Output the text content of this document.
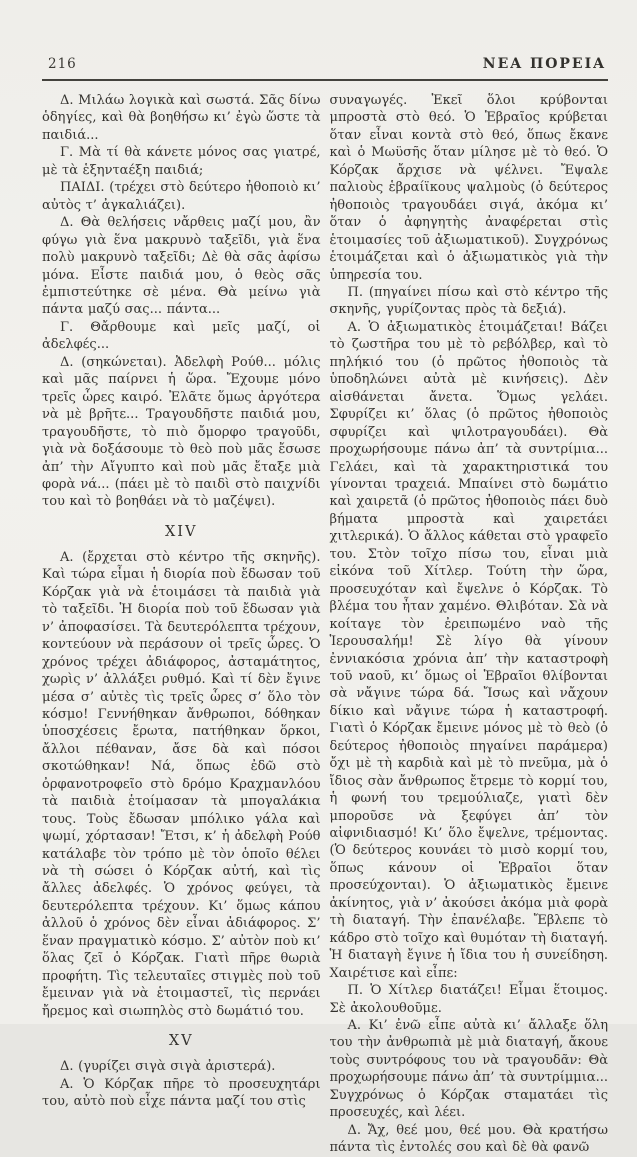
216	ΝΕΑ ΠΟΡΕΙΑ

Δ. Μιλάω λογικὰ καὶ σωστά. Σᾶς δίνω ὁδηγίες, καὶ θὰ βοηθήσω κι’ ἐγὼ ὥστε τὰ παιδιά...

Γ. Μὰ τί θὰ κάνετε μόνος σας γιατρέ, μὲ τὰ ἑξηνταέξη παιδιά;

ΠΑΙΔΙ. (τρέχει στὸ δεύτερο ἠθοποιὸ κι’ αὐτὸς τ’ ἀγκαλιάζει).

Δ. Θὰ θελήσεις νἄρθεις μαζί μου, ἂν φύγω γιὰ ἕνα μακρυνὸ ταξεῖδι, γιὰ ἕνα πολὺ μακρυνὸ ταξεῖδι; Δὲ θὰ σᾶς ἀφίσω μόνα. Εἶστε παιδιά μου, ὁ θεὸς σᾶς ἐμπιστεύτηκε σὲ μένα. Θὰ μείνω γιὰ πάντα μαζύ σας... πάντα...

Γ. Θἄρθουμε καὶ μεῖς μαζί, οἱ ἀδελφές...

Δ. (σηκώνεται). Ἀδελφὴ Ρούθ... μόλις καὶ μᾶς παίρνει ἡ ὥρα. Ἔχουμε μόνο τρεῖς ὧρες καιρό. Ἐλᾶτε ὅμως ἀργότερα νὰ μὲ βρῆτε... Τραγουδῆστε παιδιά μου, τραγουδῆστε, τὸ πιὸ ὄμορφο τραγοῦδι, γιὰ νὰ δοξάσουμε τὸ θεὸ ποὺ μᾶς ἔσωσε ἀπ’ τὴν Αἴγυπτο καὶ ποὺ μᾶς ἔταξε μιὰ φορὰ νά... (πάει μὲ τὸ παιδὶ στὸ παιχνίδι του καὶ τὸ βοηθάει νὰ τὸ μαζέψει).

XIV

Α. (ἔρχεται στὸ κέντρο τῆς σκηνῆς). Καὶ τώρα εἶμαι ἡ διορία ποὺ ἔδωσαν τοῦ Κόρζακ γιὰ νὰ ἑτοιμάσει τὰ παιδιὰ γιὰ τὸ ταξεῖδι. Ἡ διορία ποὺ τοῦ ἔδωσαν γιὰ ν’ ἀποφασίσει. Τὰ δευτερόλεπτα τρέχουν, κοντεύουν νὰ περάσουν οἱ τρεῖς ὧρες. Ὁ χρόνος τρέχει ἀδιάφορος, ἀσταμάτητος, χωρὶς ν’ ἀλλάξει ρυθμό. Καὶ τί δὲν ἔγινε μέσα σ’ αὐτὲς τὶς τρεῖς ὧρες σ’ ὅλο τὸν κόσμο! Γεννήθηκαν ἄνθρωποι, δόθηκαν ὑποσχέσεις ἔρωτα, πατήθηκαν ὅρκοι, ἄλλοι πέθαναν, ἄσε δὰ καὶ πόσοι σκοτώθηκαν! Νά, ὅπως ἐδῶ στὸ ὀρφανοτροφεῖο στὸ δρόμο Κραχμανλόου τὰ παιδιὰ ἑτοίμασαν τὰ μπογαλάκια τους. Τοὺς ἔδωσαν μπόλικο γάλα καὶ ψωμί, χόρτασαν! Ἔτσι, κ’ ἡ ἀδελφὴ Ρούθ κατάλαβε τὸν τρόπο μὲ τὸν ὁποῖο θέλει νὰ τὴ σώσει ὁ Κόρζακ αὐτή, καὶ τὶς ἄλλες ἀδελφές. Ὁ χρόνος φεύγει, τὰ δευτερόλεπτα τρέχουν. Κι’ ὅμως κάπου ἀλλοῦ ὁ χρόνος δὲν εἶναι ἀδιάφορος. Σ’ ἕναν πραγματικὸ κόσμο. Σ’ αὐτὸν ποὺ κι’ ὅλας ζεῖ ὁ Κόρζακ. Γιατὶ πῆρε θωριὰ προφήτη. Τὶς τελευταῖες στιγμὲς ποὺ τοῦ ἔμειναν γιὰ νὰ ἑτοιμαστεῖ, τὶς περνάει ἤρεμος καὶ σιωπηλὸς στὸ δωμάτιό του.

XV

Δ. (γυρίζει σιγὰ σιγὰ ἀριστερά).

Α. Ὁ Κόρζακ πῆρε τὸ προσευχητάρι του, αὐτὸ ποὺ εἶχε πάντα μαζί του στὶς

συναγωγές. Ἐκεῖ ὅλοι κρύβονται μπροστὰ στὸ θεό. Ὁ Ἑβραῖος κρύβεται ὅταν εἶναι κοντὰ στὸ θεό, ὅπως ἔκανε καὶ ὁ Μωϋσῆς ὅταν μίλησε μὲ τὸ θεό. Ὁ Κόρζακ ἄρχισε νὰ ψέλνει. Ἔψαλε παλιοὺς ἑβραίϊκους ψαλμοὺς (ὁ δεύτερος ἠθοποιὸς τραγουδάει σιγά, ἀκόμα κι’ ὅταν ὁ ἀφηγητὴς ἀναφέρεται στὶς ἑτοιμασίες τοῦ ἀξιωματικοῦ). Συγχρόνως ἑτοιμάζεται καὶ ὁ ἀξιωματικὸς γιὰ τὴν ὑπηρεσία του.

Π. (πηγαίνει πίσω καὶ στὸ κέντρο τῆς σκηνῆς, γυρίζοντας πρὸς τὰ δεξιά).

Α. Ὁ ἀξιωματικὸς ἑτοιμάζεται! Βάζει τὸ ζωστῆρα του μὲ τὸ ρεβόλβερ, καὶ τὸ πηλήκιό του (ὁ πρῶτος ἠθοποιὸς τὰ ὑποδηλώνει αὐτὰ μὲ κινήσεις). Δὲν αἰσθάνεται ἄνετα. Ὅμως γελάει. Σφυρίζει κι’ ὅλας (ὁ πρῶτος ἠθοποιὸς σφυρίζει καὶ ψιλοτραγουδάει). Θὰ προχωρήσουμε πάνω ἀπ’ τὰ συντρίμια... Γελάει, καὶ τὰ χαρακτηριστικά του γίνονται τραχειά. Μπαίνει στὸ δωμάτιο καὶ χαιρετᾶ (ὁ πρῶτος ἠθοποιὸς πάει δυὸ βήματα μπροστὰ καὶ χαιρετάει χιτλερικά). Ὁ ἄλλος κάθεται στὸ γραφεῖο του. Στὸν τοῖχο πίσω του, εἶναι μιὰ εἰκόνα τοῦ Χίτλερ. Τούτη τὴν ὥρα, προσευχόταν καὶ ἔψελνε ὁ Κόρζακ. Τὸ βλέμα του ἦταν χαμένο. Θλιβόταν. Σὰ νὰ κοίταγε τὸν ἐρειπωμένο ναὸ τῆς Ἱερουσαλήμ! Σὲ λίγο θὰ γίνουν ἐννιακόσια χρόνια ἀπ’ τὴν καταστροφὴ τοῦ ναοῦ, κι’ ὅμως οἱ Ἑβραῖοι θλίβονται σὰ νἄγινε τώρα δά. Ἴσως καὶ νἄχουν δίκιο καὶ νἄγινε τώρα ἡ καταστροφή. Γιατὶ ὁ Κόρζακ ἔμεινε μόνος μὲ τὸ θεὸ (ὁ δεύτερος ἠθοποιὸς πηγαίνει παράμερα) ὄχι μὲ τὴ καρδιὰ καὶ μὲ τὸ πνεῦμα, μὰ ὁ ἴδιος σὰν ἄνθρωπος ἔτρεμε τὸ κορμί του, ἡ φωνή του τρεμούλιαζε, γιατὶ δὲν μποροῦσε νὰ ξεφύγει ἀπ’ τὸν αἰφνιδιασμό! Κι’ ὅλο ἔψελνε, τρέμοντας. (Ὁ δεύτερος κουνάει τὸ μισὸ κορμί του, ὅπως κάνουν οἱ Ἑβραῖοι ὅταν προσεύχονται). Ὁ ἀξιωματικὸς ἔμεινε ἀκίνητος, γιὰ ν’ ἀκούσει ἀκόμα μιὰ φορὰ τὴ διαταγή. Τὴν ἐπανέλαβε. Ἔβλεπε τὸ κάδρο στὸ τοῖχο καὶ θυμόταν τὴ διαταγή. Ἡ διαταγὴ ἔγινε ἡ ἴδια του ἡ συνείδηση. Χαιρέτισε καὶ εἶπε:

Π. Ὁ Χίτλερ διατάζει! Εἶμαι ἕτοιμος. Σὲ ἀκολουθοῦμε.

Α. Κι’ ἐνῶ εἶπε αὐτὰ κι’ ἄλλαξε ὅλη του τὴν ἀνθρωπιὰ μὲ μιὰ διαταγή, ἄκουε τοὺς συντρόφους του νὰ τραγουδᾶν: Θὰ προχωρήσουμε πάνω ἀπ’ τὰ συντρίμμια... Συγχρόνως ὁ Κόρζακ σταματάει τὶς προσευχές, καὶ λέει.

Δ. Ἄχ, θεέ μου, θεέ μου. Θὰ κρατήσω πάντα τὶς ἐντολές σου καὶ δὲ θὰ φανῶ
